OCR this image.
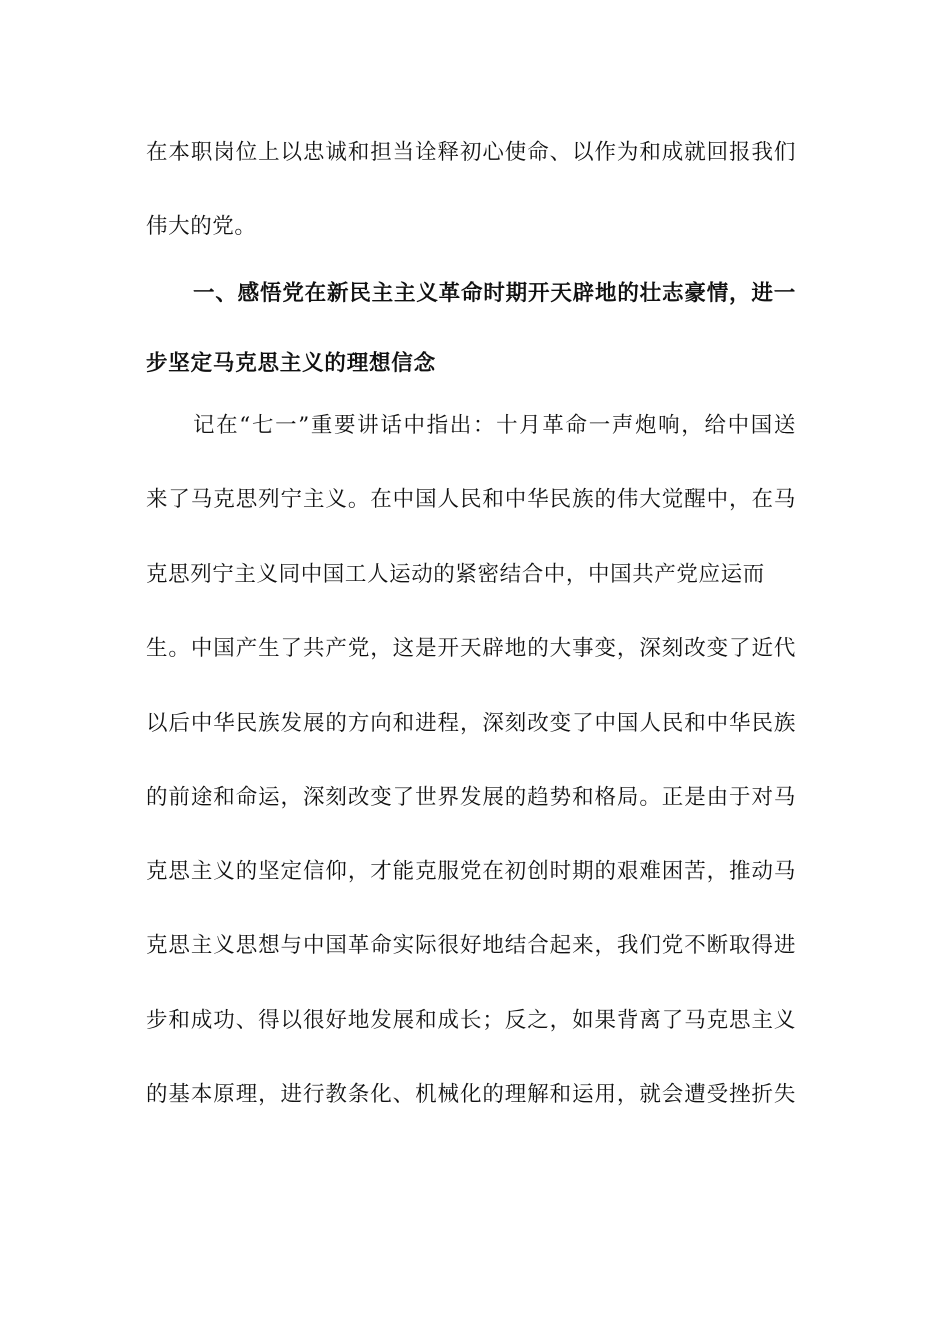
在本职岗位上以忠诚和担当诠释初心使命、以作为和成就回报我们
伟大的党。
一、感悟党在新民主主义革命时期开天辟地的壮志豪情，进一
步坚定马克思主义的理想信念
记在“七一”重要讲话中指出：十月革命一声炮响，给中国送
来了马克思列宁主义。在中国人民和中华民族的伟大觉醒中，在马
克思列宁主义同中国工人运动的紧密结合中，中国共产党应运而
生。中国产生了共产党，这是开天辟地的大事变，深刻改变了近代
以后中华民族发展的方向和进程，深刻改变了中国人民和中华民族
的前途和命运，深刻改变了世界发展的趋势和格局。正是由于对马
克思主义的坚定信仰，才能克服党在初创时期的艰难困苦，推动马
克思主义思想与中国革命实际很好地结合起来，我们党不断取得进
步和成功、得以很好地发展和成长；反之，如果背离了马克思主义
的基本原理，进行教条化、机械化的理解和运用，就会遭受挫折失
